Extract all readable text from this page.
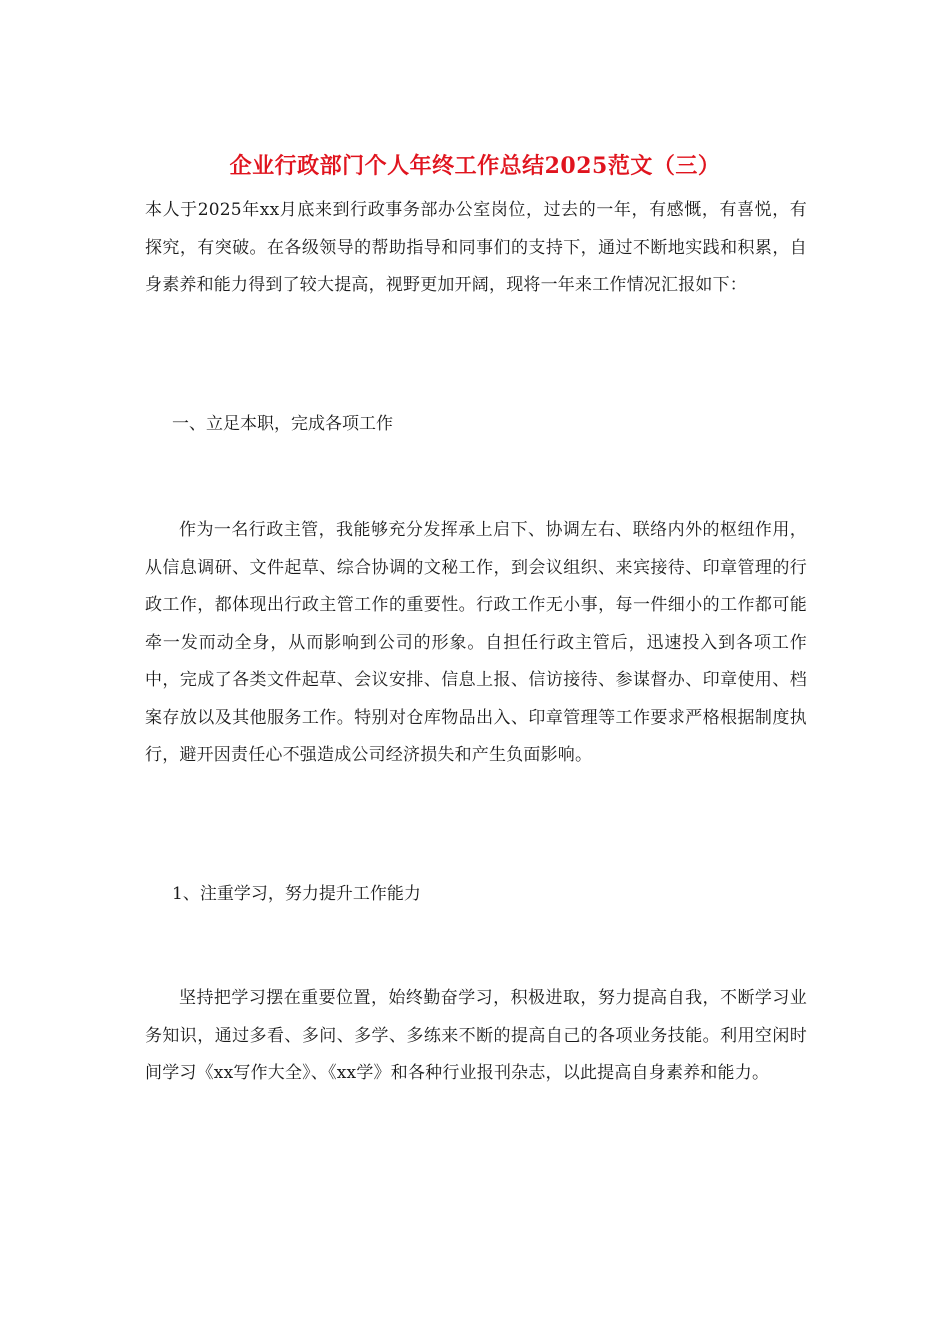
企业行政部门个人年终工作总结2025范文（三）

本人于2025年xx月底来到行政事务部办公室岗位，过去的一年，有感慨，有喜悦，有探究，有突破。在各级领导的帮助指导和同事们的支持下，通过不断地实践和积累，自身素养和能力得到了较大提高，视野更加开阔，现将一年来工作情况汇报如下：

一、立足本职，完成各项工作

作为一名行政主管，我能够充分发挥承上启下、协调左右、联络内外的枢纽作用，从信息调研、文件起草、综合协调的文秘工作，到会议组织、来宾接待、印章管理的行政工作，都体现出行政主管工作的重要性。行政工作无小事，每一件细小的工作都可能牵一发而动全身，从而影响到公司的形象。自担任行政主管后，迅速投入到各项工作中，完成了各类文件起草、会议安排、信息上报、信访接待、参谋督办、印章使用、档案存放以及其他服务工作。特别对仓库物品出入、印章管理等工作要求严格根据制度执行，避开因责任心不强造成公司经济损失和产生负面影响。

1、注重学习，努力提升工作能力

坚持把学习摆在重要位置，始终勤奋学习，积极进取，努力提高自我，不断学习业务知识，通过多看、多问、多学、多练来不断的提高自己的各项业务技能。利用空闲时间学习《xx写作大全》、《xx学》和各种行业报刊杂志，以此提高自身素养和能力。
